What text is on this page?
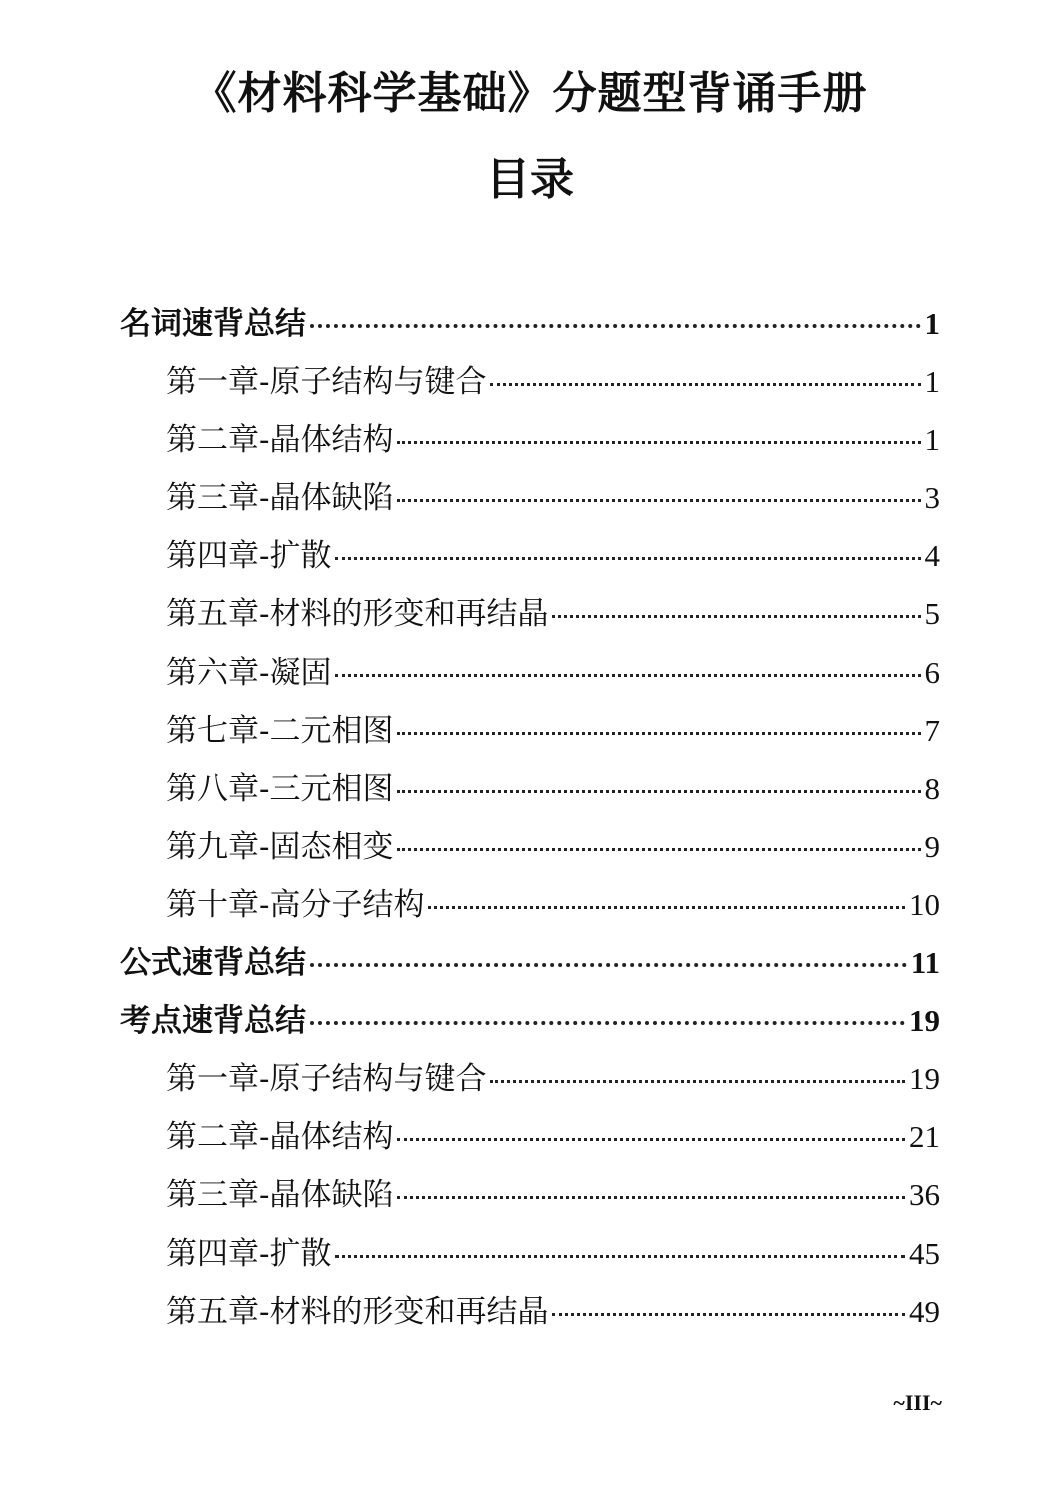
《材料科学基础》分题型背诵手册
目录
名词速背总结	1
第一章-原子结构与键合	1
第二章-晶体结构	1
第三章-晶体缺陷	3
第四章-扩散	4
第五章-材料的形变和再结晶	5
第六章-凝固	6
第七章-二元相图	7
第八章-三元相图	8
第九章-固态相变	9
第十章-高分子结构	10
公式速背总结	11
考点速背总结	19
第一章-原子结构与键合	19
第二章-晶体结构	21
第三章-晶体缺陷	36
第四章-扩散	45
第五章-材料的形变和再结晶	49
~III~
